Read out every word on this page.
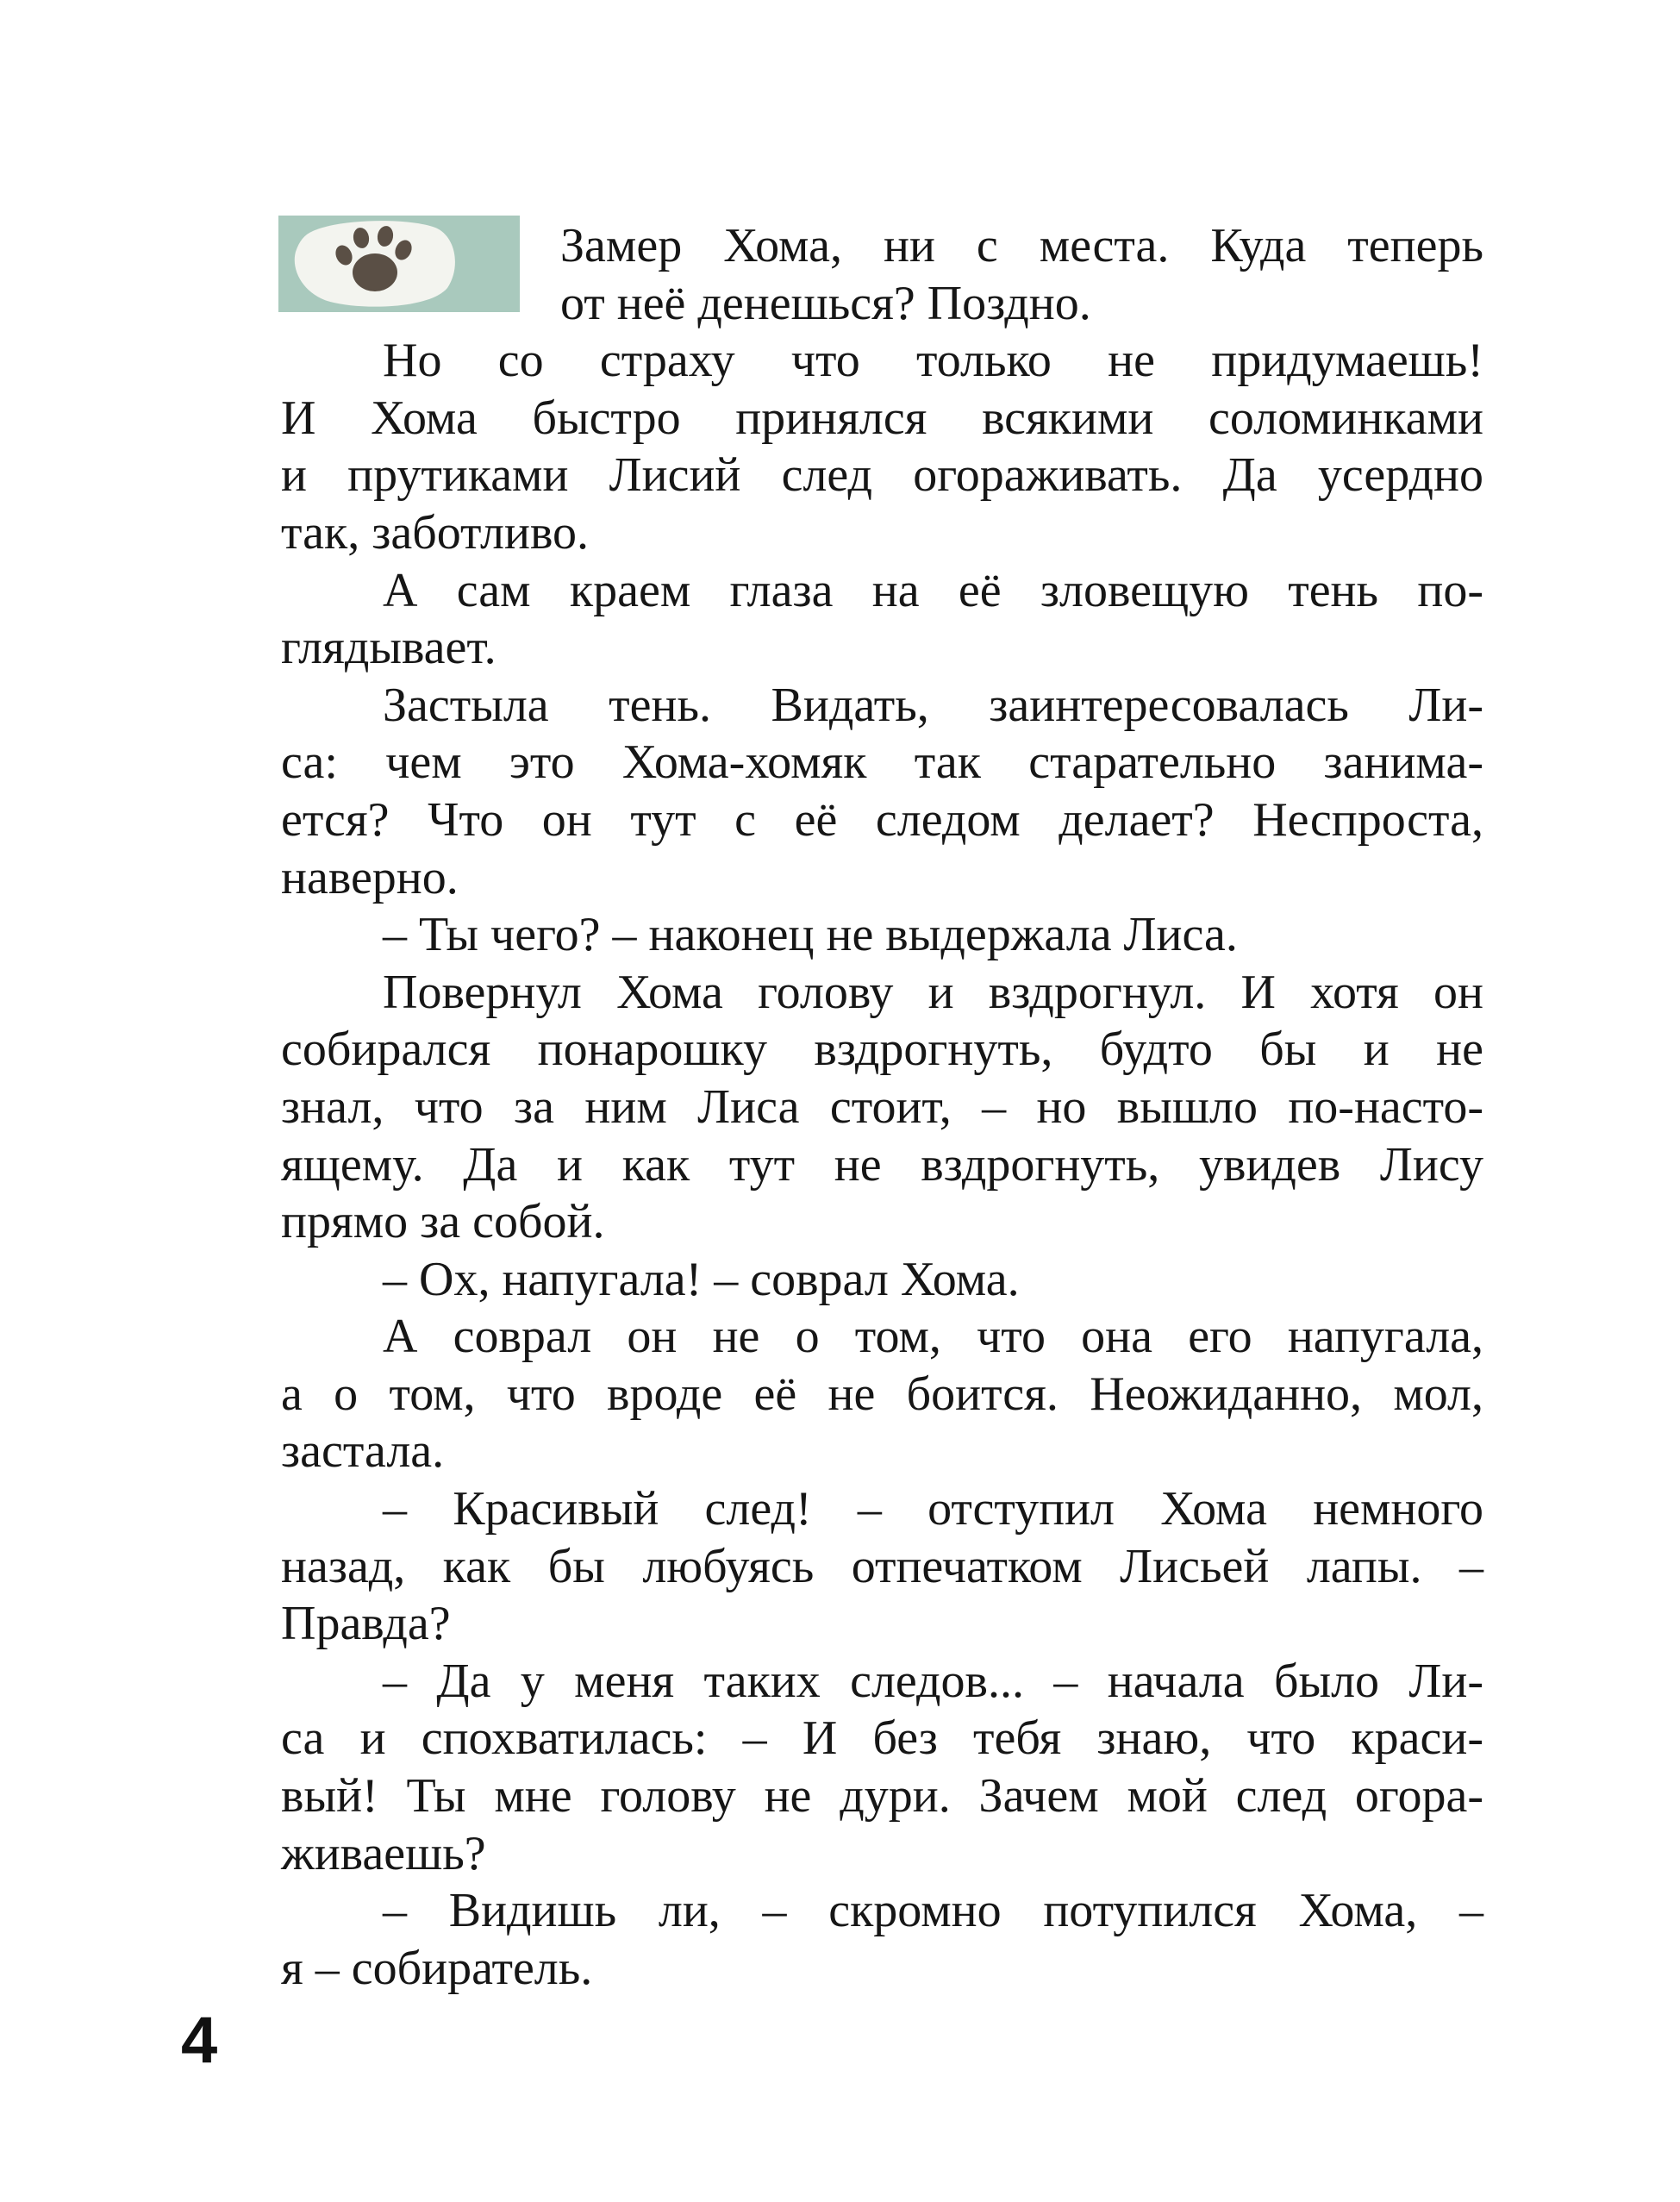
Замер Хома, ни с места. Куда теперь
от неё денешься? Поздно.
Но со страху что только не придумаешь!
И Хома быстро принялся всякими соломинками
и прутиками Лисий след огораживать. Да усердно
так, заботливо.
А сам краем глаза на её зловещую тень по-
глядывает.
Застыла тень. Видать, заинтересовалась Ли-
са: чем это Хома-хомяк так старательно занима-
ется? Что он тут с её следом делает? Неспроста,
наверно.
– Ты чего? – наконец не выдержала Лиса.
Повернул Хома голову и вздрогнул. И хотя он
собирался понарошку вздрогнуть, будто бы и не
знал, что за ним Лиса стоит, – но вышло по-насто-
ящему. Да и как тут не вздрогнуть, увидев Лису
прямо за собой.
– Ох, напугала! – соврал Хома.
А соврал он не о том, что она его напугала,
а о том, что вроде её не боится. Неожиданно, мол,
застала.
– Красивый след! – отступил Хома немного
назад, как бы любуясь отпечатком Лисьей лапы. –
Правда?
– Да у меня таких следов... – начала было Ли-
са и спохватилась: – И без тебя знаю, что краси-
вый! Ты мне голову не дури. Зачем мой след огора-
живаешь?
– Видишь ли, – скромно потупился Хома, –
я – собиратель.
4
